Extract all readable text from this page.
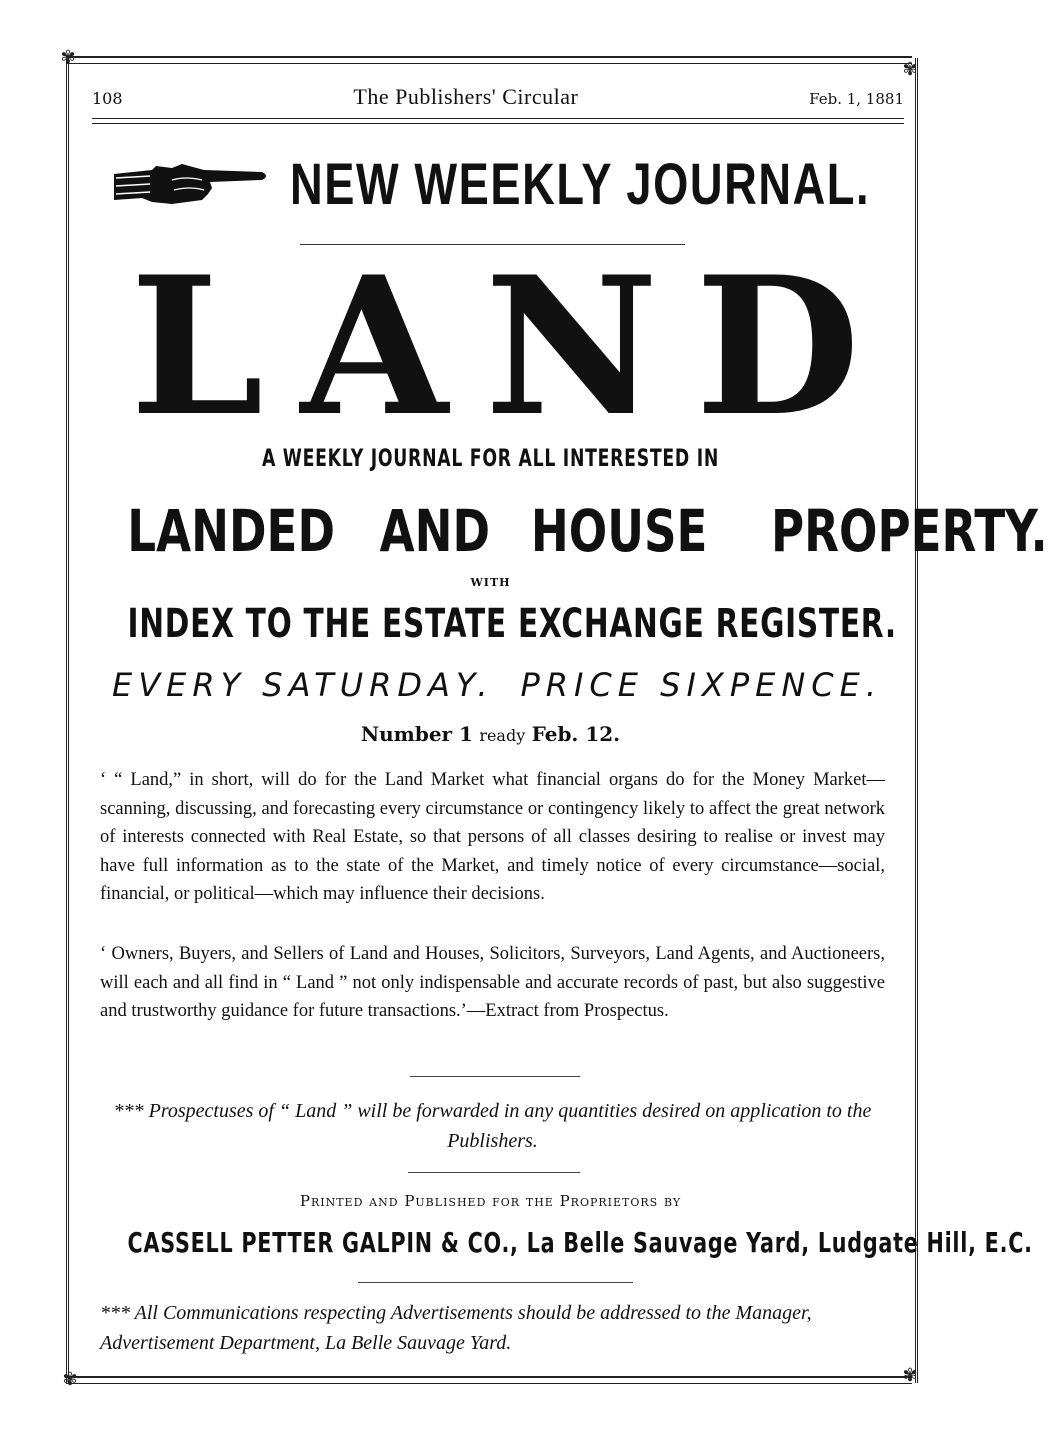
✾
✾
✾	✾
108	The Publishers' Circular	Feb. 1, 1881
NEW WEEKLY JOURNAL.
L A N D
A WEEKLY JOURNAL FOR ALL INTERESTED IN
LANDED AND HOUSE PROPERTY.
WITH
INDEX TO THE ESTATE EXCHANGE REGISTER.
EVERY SATURDAY. PRICE SIXPENCE.
Number 1 ready Feb. 12.
‘ “ Land,” in short, will do for the Land Market what financial organs do for the Money Market—scanning, discussing, and forecasting every circumstance or contingency likely to affect the great network of interests connected with Real Estate, so that persons of all classes desiring to realise or invest may have full information as to the state of the Market, and timely notice of every circumstance—social, financial, or political—which may influence their decisions.
‘ Owners, Buyers, and Sellers of Land and Houses, Solicitors, Surveyors, Land Agents, and Auctioneers, will each and all find in “ Land ” not only indispensable and accurate records of past, but also suggestive and trustworthy guidance for future transactions.’—Extract from Prospectus.
*** Prospectuses of “ Land ” will be forwarded in any quantities desired on application to the Publishers.
Printed and Published for the Proprietors by
CASSELL PETTER GALPIN & CO., La Belle Sauvage Yard, Ludgate Hill, E.C.
*** All Communications respecting Advertisements should be addressed to the Manager, Advertisement Department, La Belle Sauvage Yard.
